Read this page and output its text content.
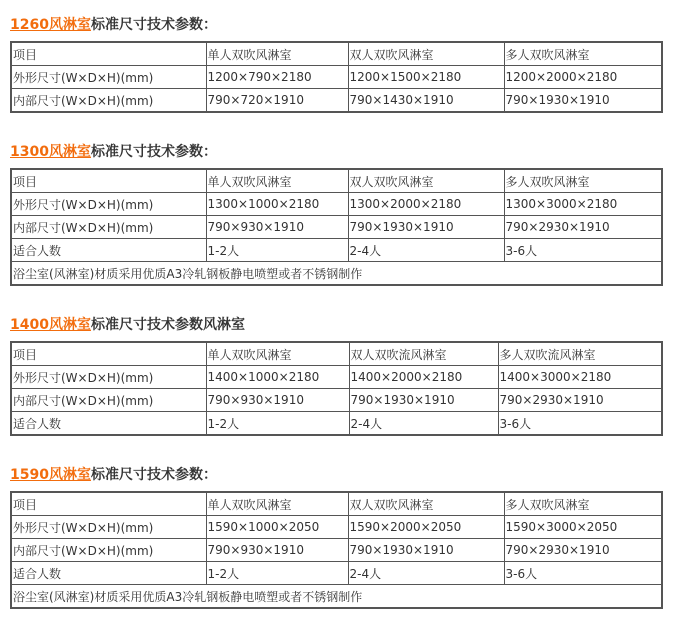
1260风淋室标准尺寸技术参数：
项目	单人双吹风淋室	双人双吹风淋室	多人双吹风淋室
外形尺寸(W×D×H)(mm)	1200×790×2180	1200×1500×2180	1200×2000×2180
内部尺寸(W×D×H)(mm)	790×720×1910	790×1430×1910	790×1930×1910
1300风淋室标准尺寸技术参数：
项目	单人双吹风淋室	双人双吹风淋室	多人双吹风淋室
外形尺寸(W×D×H)(mm)	1300×1000×2180	1300×2000×2180	1300×3000×2180
内部尺寸(W×D×H)(mm)	790×930×1910	790×1930×1910	790×2930×1910
适合人数	1-2人	2-4人	3-6人
浴尘室(风淋室)材质采用优质A3冷轧钢板静电喷塑或者不锈钢制作			
1400风淋室标准尺寸技术参数风淋室
项目	单人双吹风淋室	双人双吹流风淋室	多人双吹流风淋室
外形尺寸(W×D×H)(mm)	1400×1000×2180	1400×2000×2180	1400×3000×2180
内部尺寸(W×D×H)(mm)	790×930×1910	790×1930×1910	790×2930×1910
适合人数	1-2人	2-4人	3-6人
1590风淋室标准尺寸技术参数：
项目	单人双吹风淋室	双人双吹风淋室	多人双吹风淋室
外形尺寸(W×D×H)(mm)	1590×1000×2050	1590×2000×2050	1590×3000×2050
内部尺寸(W×D×H)(mm)	790×930×1910	790×1930×1910	790×2930×1910
适合人数	1-2人	2-4人	3-6人
浴尘室(风淋室)材质采用优质A3冷轧钢板静电喷塑或者不锈钢制作			
